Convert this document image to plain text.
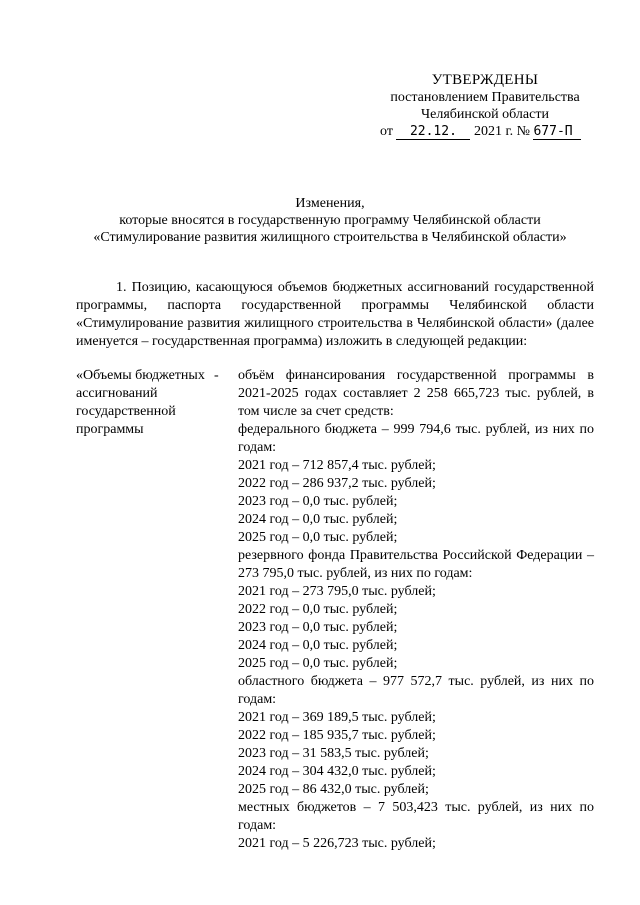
УТВЕРЖДЕНЫ
постановлением Правительства
Челябинской области
от 22.12. 2021 г. № 677-П
Изменения,
которые вносятся в государственную программу Челябинской области
«Стимулирование развития жилищного строительства в Челябинской области»
1. Позицию, касающуюся объемов бюджетных ассигнований государственной программы, паспорта государственной программы Челябинской области «Стимулирование развития жилищного строительства в Челябинской области» (далее именуется – государственная программа) изложить в следующей редакции:
«Объемы бюджетных ассигнований государственной программы
- объём финансирования государственной программы в 2021-2025 годах составляет 2 258 665,723 тыс. рублей, в том числе за счет средств:
федерального бюджета – 999 794,6 тыс. рублей, из них по годам:
2021 год – 712 857,4 тыс. рублей;
2022 год – 286 937,2 тыс. рублей;
2023 год – 0,0 тыс. рублей;
2024 год – 0,0 тыс. рублей;
2025 год – 0,0 тыс. рублей;
резервного фонда Правительства Российской Федерации – 273 795,0 тыс. рублей, из них по годам:
2021 год – 273 795,0 тыс. рублей;
2022 год – 0,0 тыс. рублей;
2023 год – 0,0 тыс. рублей;
2024 год – 0,0 тыс. рублей;
2025 год – 0,0 тыс. рублей;
областного бюджета – 977 572,7 тыс. рублей, из них по годам:
2021 год – 369 189,5 тыс. рублей;
2022 год – 185 935,7 тыс. рублей;
2023 год – 31 583,5 тыс. рублей;
2024 год – 304 432,0 тыс. рублей;
2025 год – 86 432,0 тыс. рублей;
местных бюджетов – 7 503,423 тыс. рублей, из них по годам:
2021 год – 5 226,723 тыс. рублей;
